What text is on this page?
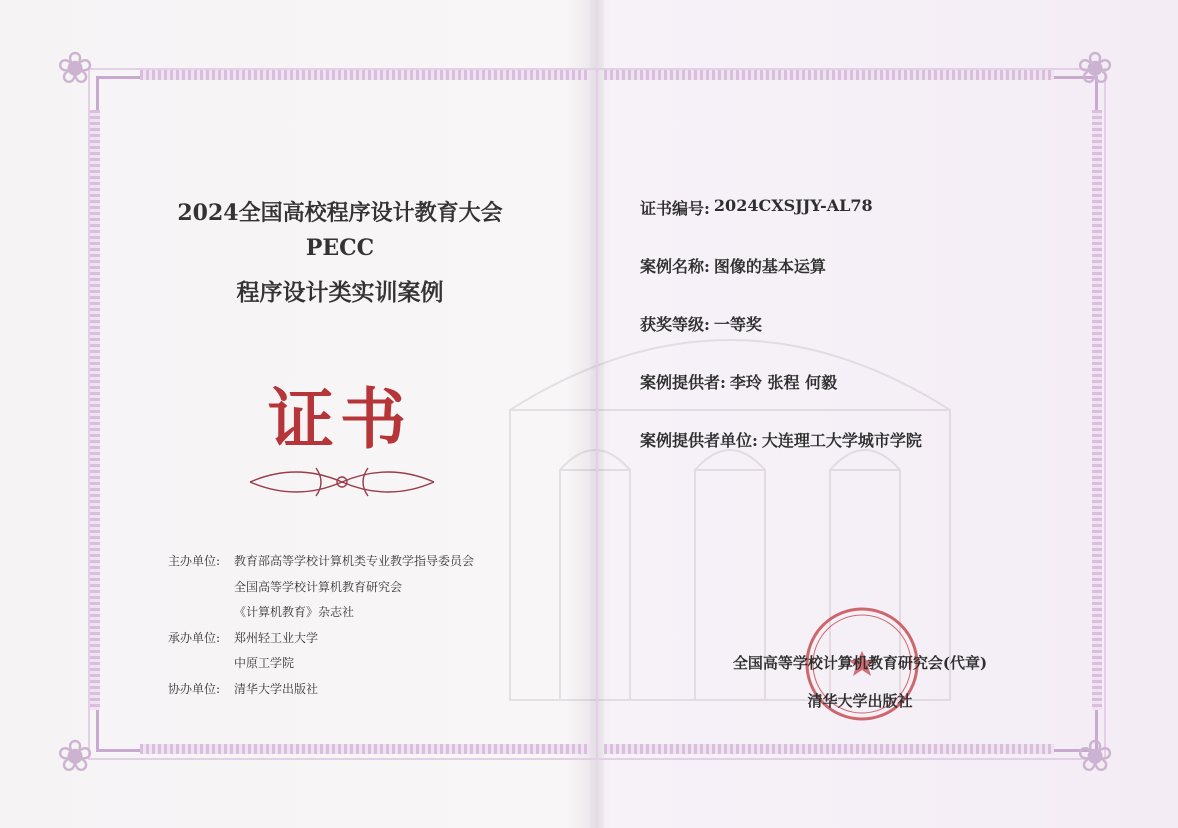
❀	❀
❀	❀
2024全国高校程序设计教育大会
PECC
程序设计类实训案例
证书
主办单位:	教育部高等学校计算机类专业教学指导委员会
全国高等学校计算机教育研究会
《计算机教育》杂志社
承办单位:	郑州轻工业大学
中原工学院
协办单位:	清华大学出版社
证书编号: 2024CXSJJY-AL78
案例名称: 图像的基本运算
获奖等级: 一等奖
案例提供者: 李玲 张程 何毅
案例提供者单位: 大连理工大学城市学院
全国高等学校计算机教育研究会(代章)
清华大学出版社
